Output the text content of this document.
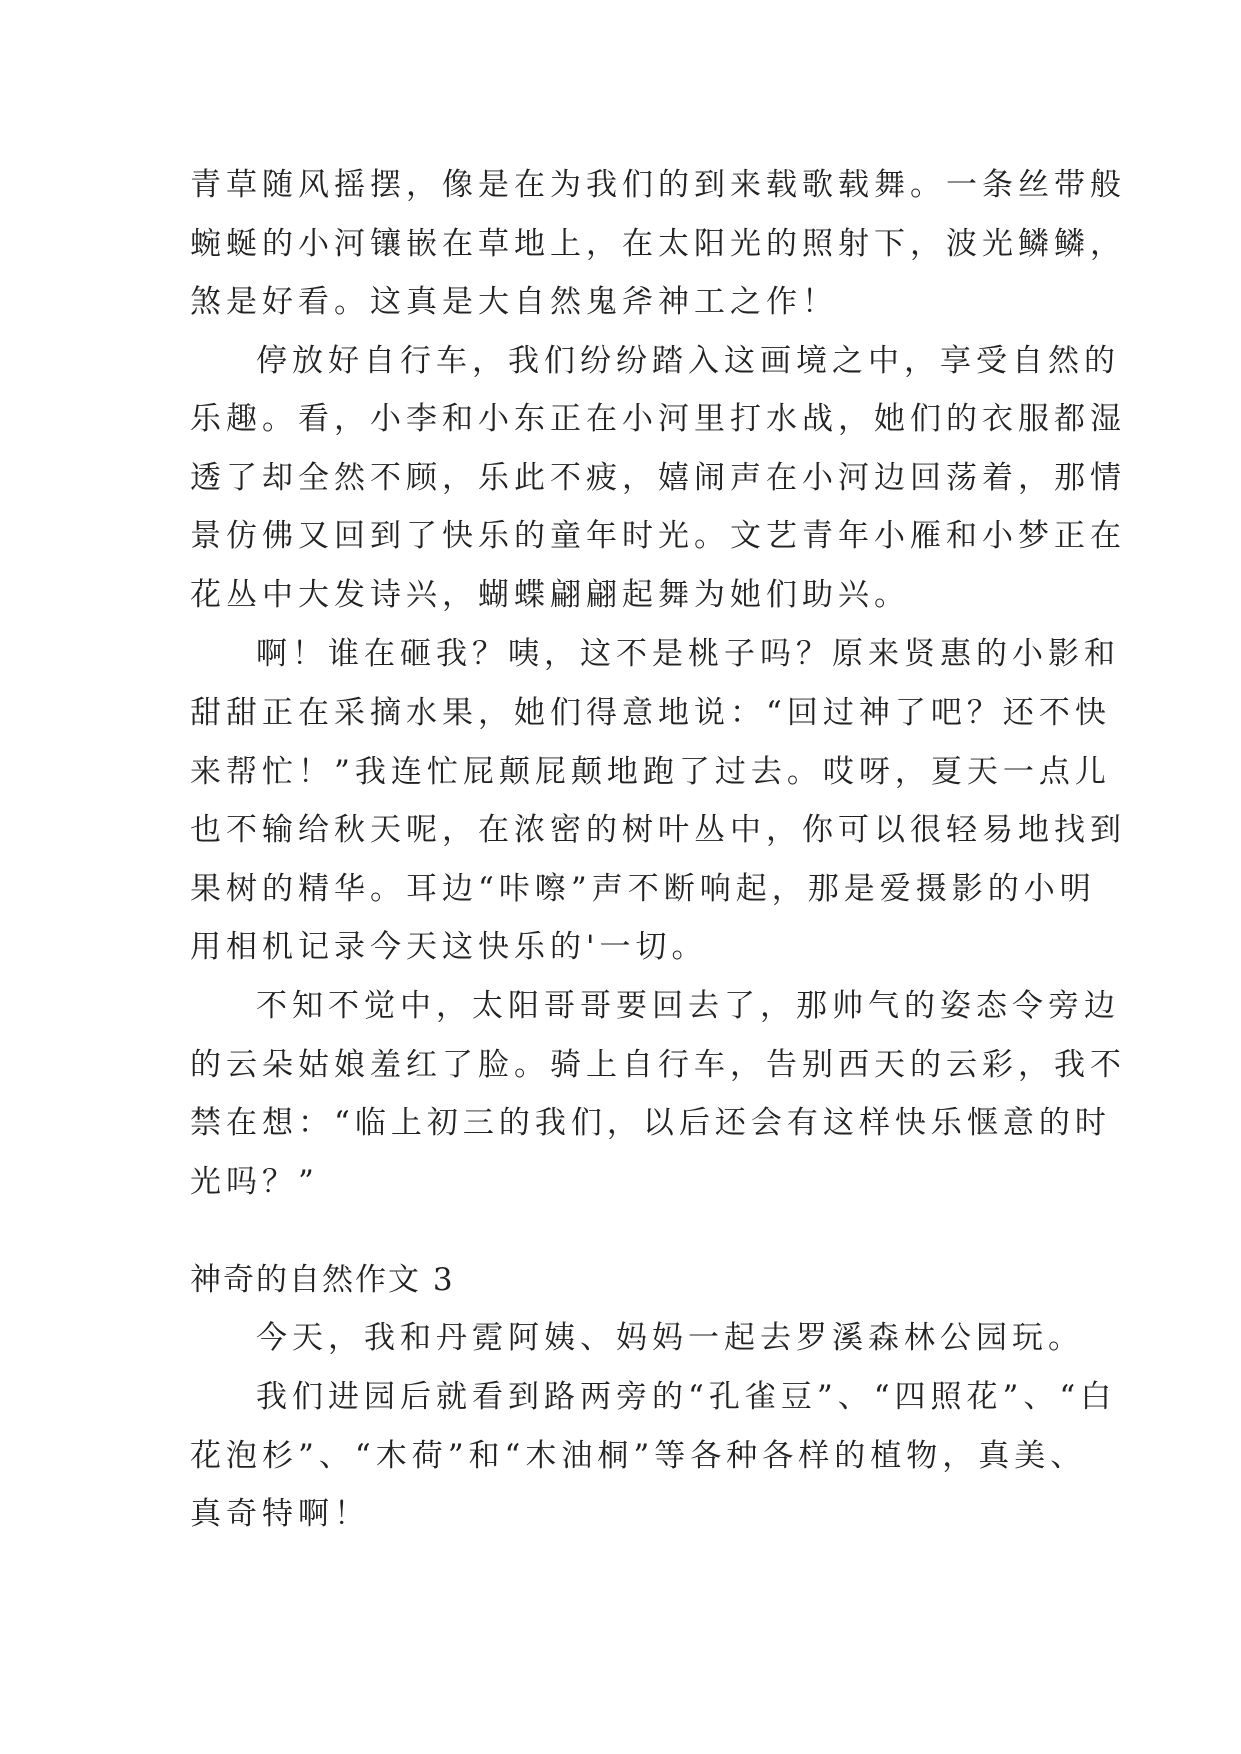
青草随风摇摆，像是在为我们的到来载歌载舞。一条丝带般
蜿蜒的小河镶嵌在草地上，在太阳光的照射下，波光鳞鳞，
煞是好看。这真是大自然鬼斧神工之作！
停放好自行车，我们纷纷踏入这画境之中，享受自然的
乐趣。看，小李和小东正在小河里打水战，她们的衣服都湿
透了却全然不顾，乐此不疲，嬉闹声在小河边回荡着，那情
景仿佛又回到了快乐的童年时光。文艺青年小雁和小梦正在
花丛中大发诗兴，蝴蝶翩翩起舞为她们助兴。
啊！谁在砸我？咦，这不是桃子吗？原来贤惠的小影和
甜甜正在采摘水果，她们得意地说：“回过神了吧？还不快
来帮忙！”我连忙屁颠屁颠地跑了过去。哎呀，夏天一点儿
也不输给秋天呢，在浓密的树叶丛中，你可以很轻易地找到
果树的精华。耳边“咔嚓”声不断响起，那是爱摄影的小明
用相机记录今天这快乐的'一切。
不知不觉中，太阳哥哥要回去了，那帅气的姿态令旁边
的云朵姑娘羞红了脸。骑上自行车，告别西天的云彩，我不
禁在想：“临上初三的我们，以后还会有这样快乐惬意的时
光吗？”
神奇的自然作文 3
今天，我和丹霓阿姨、妈妈一起去罗溪森林公园玩。
我们进园后就看到路两旁的“孔雀豆”、“四照花”、“白
花泡杉”、“木荷”和“木油桐”等各种各样的植物，真美、
真奇特啊！
